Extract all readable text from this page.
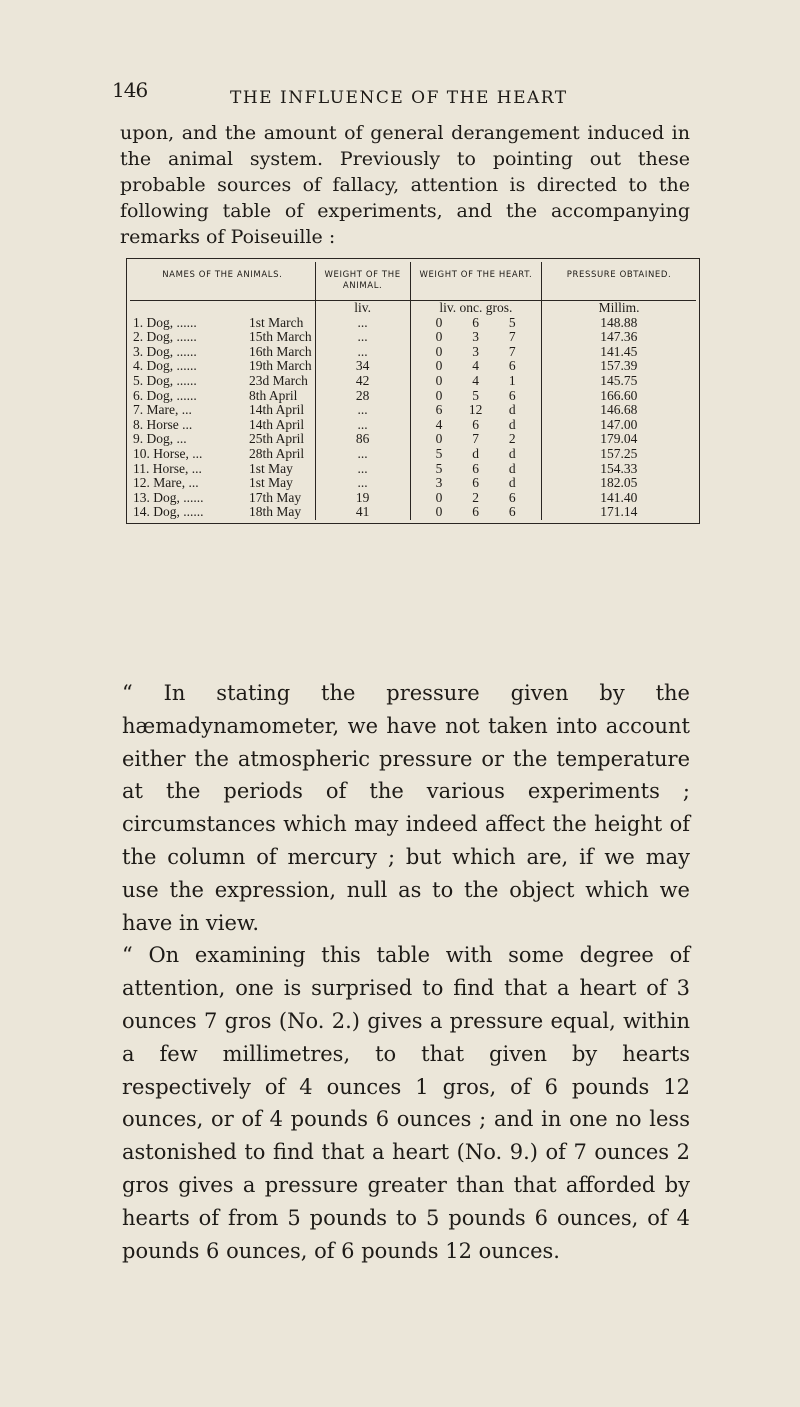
146	THE INFLUENCE OF THE HEART

upon, and the amount of general derangement induced in the animal system. Previously to pointing out these probable sources of fallacy, attention is directed to the following table of experiments, and the accompanying remarks of Poiseuille :

NAMES OF THE ANIMALS.	WEIGHT OF THE ANIMAL.	WEIGHT OF THE HEART.	PRESSURE OBTAINED.
	liv.	liv. onc. gros.	Millim.
1. Dog, ...... 1st March	...		0	6	5	148.88
2. Dog, ...... 15th March	...		0	3	7	147.36
3. Dog, ...... 16th March	...		0	3	7	141.45
4. Dog, ...... 19th March	34		0	4	6	157.39
5. Dog, ...... 23d March	42		0	4	1	145.75
6. Dog, ...... 8th April	28		0	5	6	166.60
7. Mare, ... 14th April	...		6	12	d	146.68
8. Horse ... 14th April	...		4	6	d	147.00
9. Dog, ... 25th April	86		0	7	2	179.04
10. Horse, ... 28th April	...		5	d	d	157.25
11. Horse, ... 1st May	...		5	6	d	154.33
12. Mare, ... 1st May	...		3	6	d	182.05
13. Dog, ...... 17th May	19		0	2	6	141.40
14. Dog, ...... 18th May	41		0	6	6	171.14

“ In stating the pressure given by the hæmadynamometer, we have not taken into account either the atmospheric pressure or the temperature at the periods of the various experiments ; circumstances which may indeed affect the height of the column of mercury ; but which are, if we may use the expression, null as to the object which we have in view.

“ On examining this table with some degree of attention, one is surprised to find that a heart of 3 ounces 7 gros (No. 2.) gives a pressure equal, within a few millimetres, to that given by hearts respectively of 4 ounces 1 gros, of 6 pounds 12 ounces, or of 4 pounds 6 ounces ; and in one no less astonished to find that a heart (No. 9.) of 7 ounces 2 gros gives a pressure greater than that afforded by hearts of from 5 pounds to 5 pounds 6 ounces, of 4 pounds 6 ounces, of 6 pounds 12 ounces.
